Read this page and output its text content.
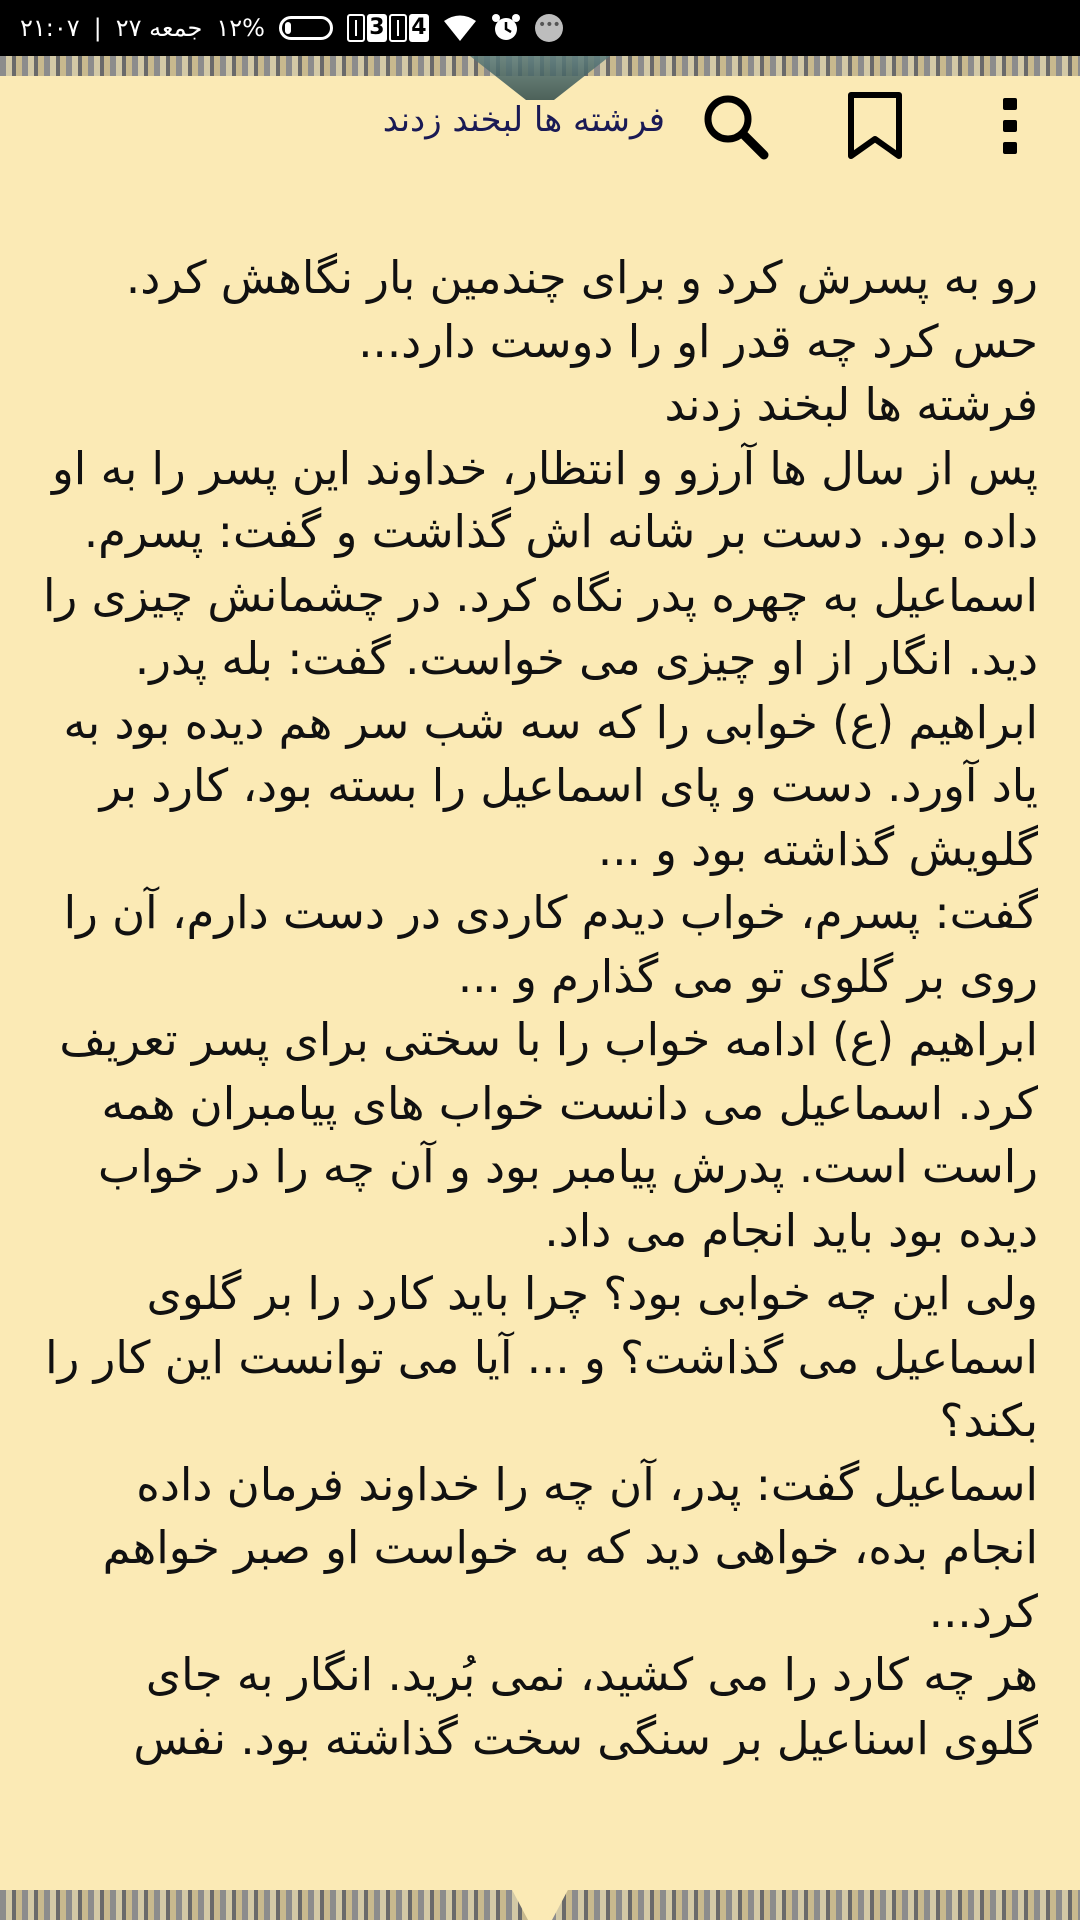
۲۱:۰۷ | جمعه ۲۷ ۱۲%	3 4
•••
فرشته ها لبخند زدند

رو به پسرش کرد و برای چندمین بار نگاهش کرد. حس کرد چه قدر او را دوست دارد...

فرشته ها لبخند زدند

پس از سال ها آرزو و انتظار، خداوند این پسر را به او داده بود. دست بر شانه اش گذاشت و گفت: پسرم.

اسماعیل به چهره پدر نگاه کرد. در چشمانش چیزی را دید. انگار از او چیزی می خواست. گفت: بله پدر.

ابراهیم (ع) خوابی را که سه شب سر هم دیده بود به یاد آورد. دست و پای اسماعیل را بسته بود، کارد بر گلویش گذاشته بود و ...

گفت: پسرم، خواب دیدم کاردی در دست دارم، آن را روی بر گلوی تو می گذارم و ...

ابراهیم (ع) ادامه خواب را با سختی برای پسر تعریف کرد. اسماعیل می دانست خواب های پیامبران همه راست است. پدرش پیامبر بود و آن چه را در خواب دیده بود باید انجام می داد.

ولی این چه خوابی بود؟ چرا باید کارد را بر گلوی اسماعیل می گذاشت؟ و ... آیا می توانست این کار را بکند؟

اسماعیل گفت: پدر، آن چه را خداوند فرمان داده انجام بده، خواهی دید که به خواست او صبر خواهم کرد...

هر چه کارد را می کشید، نمی بُرید. انگار به جای گلوی اسناعیل بر سنگی سخت گذاشته بود. نفس
